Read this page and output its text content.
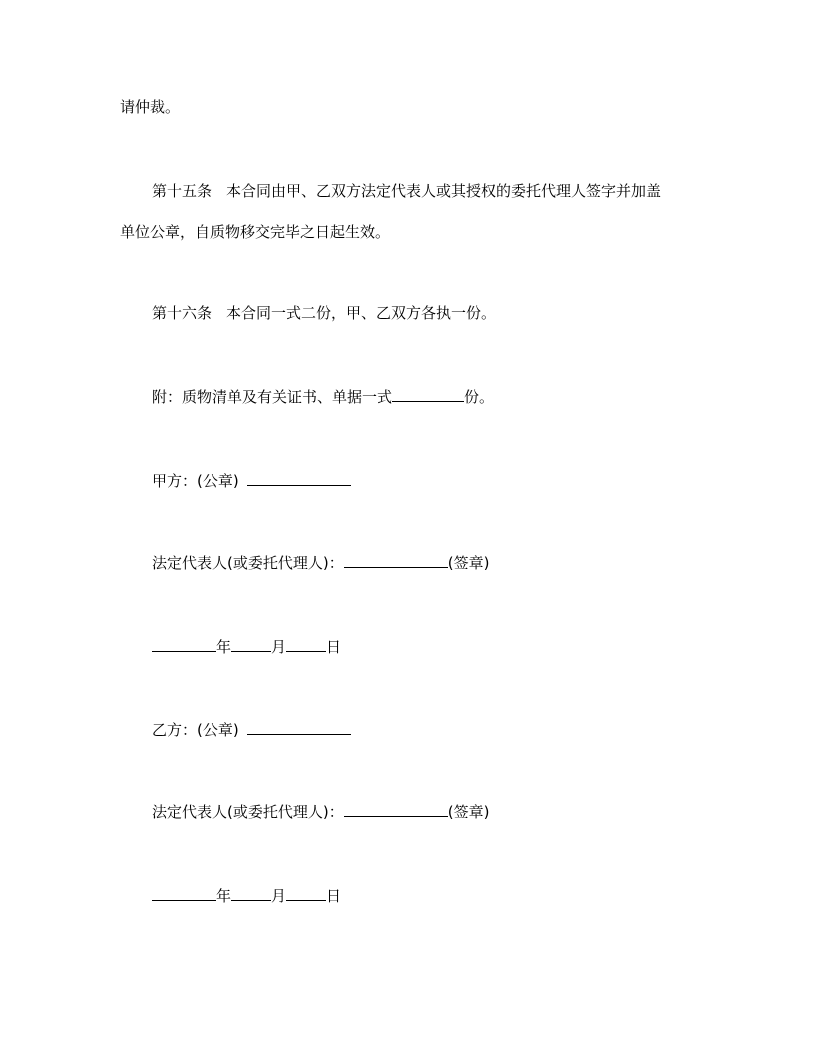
请仲裁。
第十五条 本合同由甲、乙双方法定代表人或其授权的委托代理人签字并加盖
单位公章，自质物移交完毕之日起生效。
第十六条 本合同一式二份，甲、乙双方各执一份。
附：质物清单及有关证书、单据一式	份。
甲方：(公章)
法定代表人(或委托代理人)：	(签章)
年	月	日
乙方：(公章)
法定代表人(或委托代理人)：	(签章)
年	月	日
